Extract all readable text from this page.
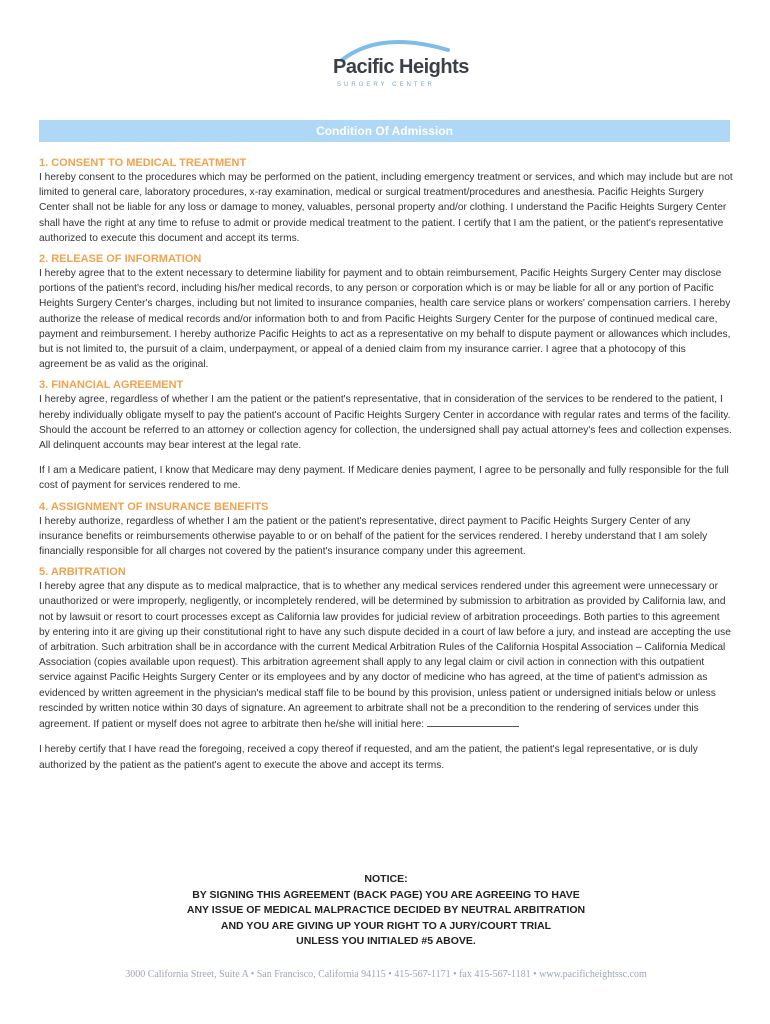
Pacific Heights
SURGERY CENTER
Condition Of Admission
1. CONSENT TO MEDICAL TREATMENT

I hereby consent to the procedures which may be performed on the patient, including emergency treatment or services, and which may include but are not limited to general care, laboratory procedures, x-ray examination, medical or surgical treatment/procedures and anesthesia. Pacific Heights Surgery Center shall not be liable for any loss or damage to money, valuables, personal property and/or clothing. I understand the Pacific Heights Surgery Center shall have the right at any time to refuse to admit or provide medical treatment to the patient. I certify that I am the patient, or the patient's representative authorized to execute this document and accept its terms.

2. RELEASE OF INFORMATION

I hereby agree that to the extent necessary to determine liability for payment and to obtain reimbursement, Pacific Heights Surgery Center may disclose portions of the patient's record, including his/her medical records, to any person or corporation which is or may be liable for all or any portion of Pacific Heights Surgery Center's charges, including but not limited to insurance companies, health care service plans or workers' compensation carriers. I hereby authorize the release of medical records and/or information both to and from Pacific Heights Surgery Center for the purpose of continued medical care, payment and reimbursement. I hereby authorize Pacific Heights to act as a representative on my behalf to dispute payment or allowances which includes, but is not limited to, the pursuit of a claim, underpayment, or appeal of a denied claim from my insurance carrier. I agree that a photocopy of this agreement be as valid as the original.

3. FINANCIAL AGREEMENT

I hereby agree, regardless of whether I am the patient or the patient's representative, that in consideration of the services to be rendered to the patient, I hereby individually obligate myself to pay the patient's account of Pacific Heights Surgery Center in accordance with regular rates and terms of the facility. Should the account be referred to an attorney or collection agency for collection, the undersigned shall pay actual attorney's fees and collection expenses. All delinquent accounts may bear interest at the legal rate.

If I am a Medicare patient, I know that Medicare may deny payment. If Medicare denies payment, I agree to be personally and fully responsible for the full cost of payment for services rendered to me.

4. ASSIGNMENT OF INSURANCE BENEFITS

I hereby authorize, regardless of whether I am the patient or the patient's representative, direct payment to Pacific Heights Surgery Center of any insurance benefits or reimbursements otherwise payable to or on behalf of the patient for the services rendered. I hereby understand that I am solely financially responsible for all charges not covered by the patient's insurance company under this agreement.

5. ARBITRATION

I hereby agree that any dispute as to medical malpractice, that is to whether any medical services rendered under this agreement were unnecessary or unauthorized or were improperly, negligently, or incompletely rendered, will be determined by submission to arbitration as provided by California law, and not by lawsuit or resort to court processes except as California law provides for judicial review of arbitration proceedings. Both parties to this agreement by entering into it are giving up their constitutional right to have any such dispute decided in a court of law before a jury, and instead are accepting the use of arbitration. Such arbitration shall be in accordance with the current Medical Arbitration Rules of the California Hospital Association – California Medical Association (copies available upon request). This arbitration agreement shall apply to any legal claim or civil action in connection with this outpatient service against Pacific Heights Surgery Center or its employees and by any doctor of medicine who has agreed, at the time of patient's admission as evidenced by written agreement in the physician's medical staff file to be bound by this provision, unless patient or undersigned initials below or unless rescinded by written notice within 30 days of signature. An agreement to arbitrate shall not be a precondition to the rendering of services under this agreement. If patient or myself does not agree to arbitrate then he/she will initial here:

I hereby certify that I have read the foregoing, received a copy thereof if requested, and am the patient, the patient's legal representative, or is duly authorized by the patient as the patient's agent to execute the above and accept its terms.

NOTICE:
BY SIGNING THIS AGREEMENT (BACK PAGE) YOU ARE AGREEING TO HAVE
ANY ISSUE OF MEDICAL MALPRACTICE DECIDED BY NEUTRAL ARBITRATION
AND YOU ARE GIVING UP YOUR RIGHT TO A JURY/COURT TRIAL
UNLESS YOU INITIALED #5 ABOVE.
3000 California Street, Suite A • San Francisco, California 94115 • 415-567-1171 • fax 415-567-1181 • www.pacificheightssc.com
